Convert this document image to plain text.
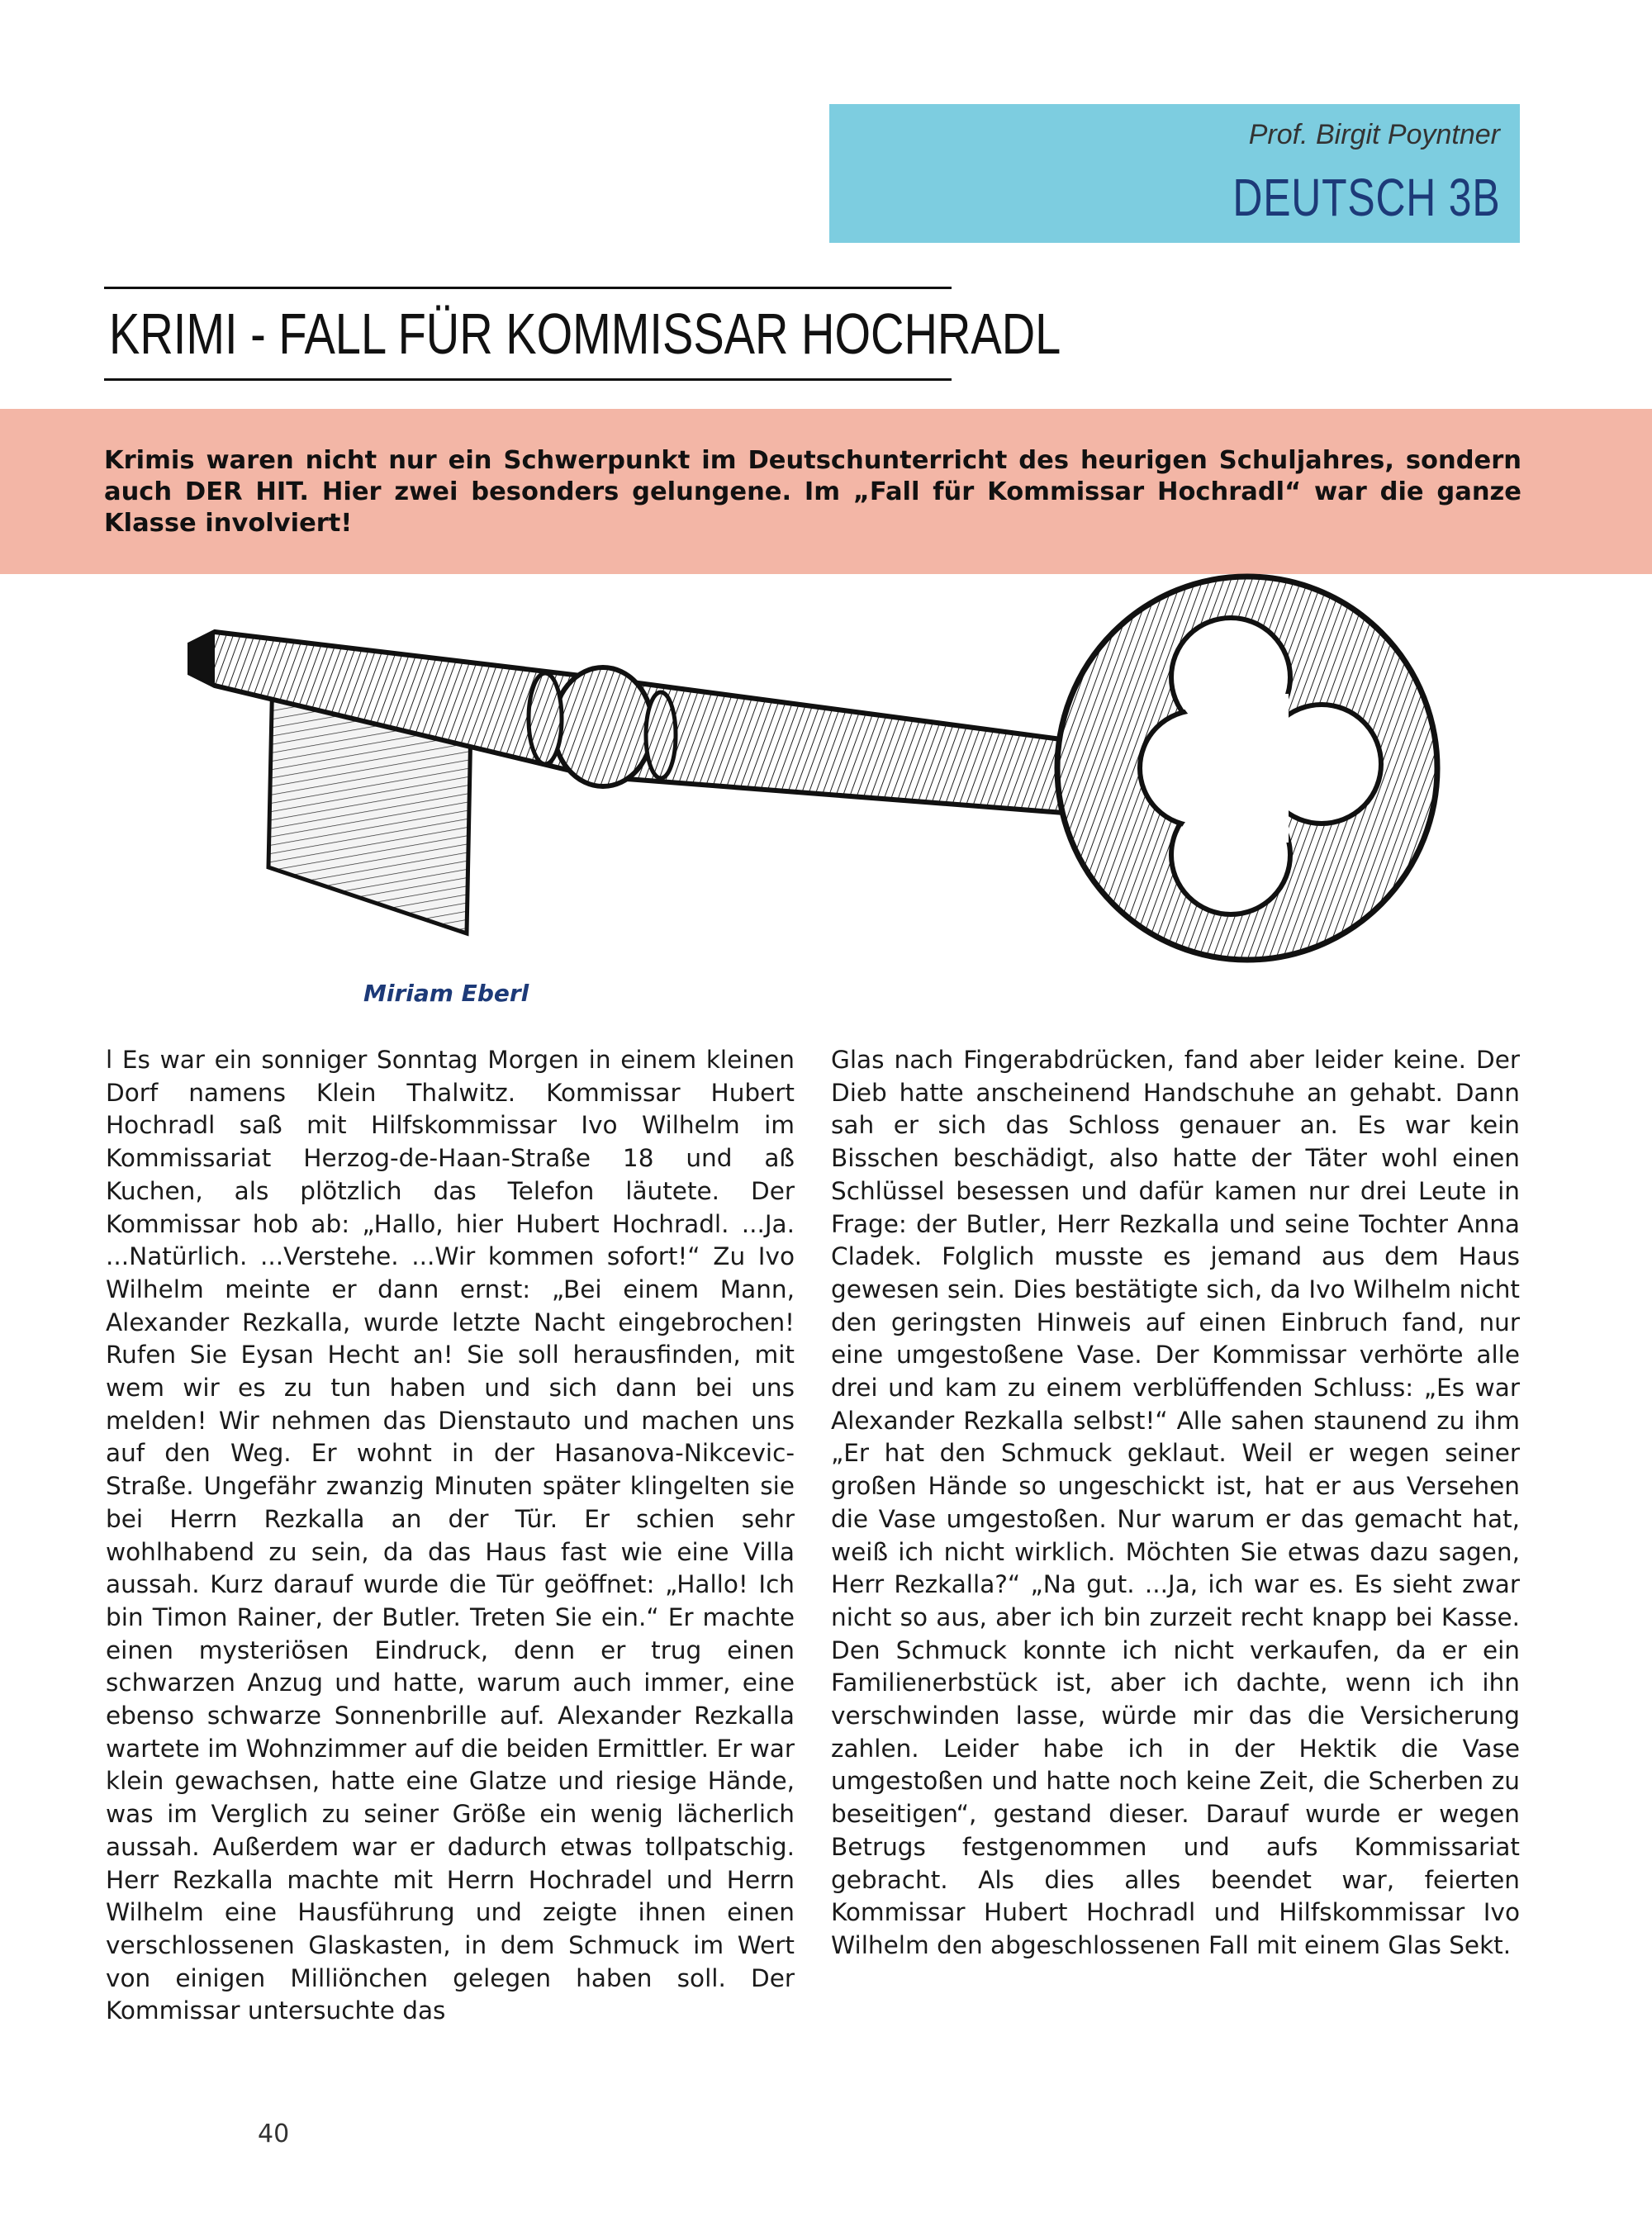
Prof. Birgit Poyntner
DEUTSCH 3B
KRIMI - FALL FÜR KOMMISSAR HOCHRADL
Krimis waren nicht nur ein Schwerpunkt im Deutschunterricht des heurigen Schuljahres, sondern auch DER HIT. Hier zwei besonders gelungene. Im „Fall für Kommissar Hochradl“ war die ganze Klasse involviert!
Miriam Eberl
l Es war ein sonniger Sonntag Morgen in einem kleinen Dorf namens Klein Thalwitz. Kommissar Hubert Hochradl saß mit Hilfskommissar Ivo Wilhelm im Kommissariat Herzog-de-Haan-Straße 18 und aß Kuchen, als plötzlich das Telefon läutete. Der Kommissar hob ab: „Hallo, hier Hubert Hochradl. ...Ja. ...Natürlich. ...Verstehe. ...Wir kommen sofort!“ Zu Ivo Wilhelm meinte er dann ernst: „Bei einem Mann, Alexander Rezkalla, wurde letzte Nacht eingebrochen! Rufen Sie Eysan Hecht an! Sie soll herausfinden, mit wem wir es zu tun haben und sich dann bei uns melden! Wir nehmen das Dienstauto und machen uns auf den Weg. Er wohnt in der Hasanova-Nikcevic-Straße. Ungefähr zwanzig Minuten später klingelten sie bei Herrn Rezkalla an der Tür. Er schien sehr wohlhabend zu sein, da das Haus fast wie eine Villa aussah. Kurz darauf wurde die Tür geöffnet: „Hallo! Ich bin Timon Rainer, der Butler. Treten Sie ein.“ Er machte einen mysteriösen Eindruck, denn er trug einen schwarzen Anzug und hatte, warum auch immer, eine ebenso schwarze Sonnenbrille auf. Alexander Rezkalla wartete im Wohnzimmer auf die beiden Ermittler. Er war klein gewachsen, hatte eine Glatze und riesige Hände, was im Verglich zu seiner Größe ein wenig lächerlich aussah. Außerdem war er dadurch etwas tollpatschig. Herr Rezkalla machte mit Herrn Hochradel und Herrn Wilhelm eine Hausführung und zeigte ihnen einen verschlossenen Glaskasten, in dem Schmuck im Wert von einigen Milliönchen gelegen haben soll. Der Kommissar untersuchte das
Glas nach Fingerabdrücken, fand aber leider keine. Der Dieb hatte anscheinend Handschuhe an gehabt. Dann sah er sich das Schloss genauer an. Es war kein Bisschen beschädigt, also hatte der Täter wohl einen Schlüssel besessen und dafür kamen nur drei Leute in Frage: der Butler, Herr Rezkalla und seine Tochter Anna Cladek. Folglich musste es jemand aus dem Haus gewesen sein. Dies bestätigte sich, da Ivo Wilhelm nicht den geringsten Hinweis auf einen Einbruch fand, nur eine umgestoßene Vase. Der Kommissar verhörte alle drei und kam zu einem verblüffenden Schluss: „Es war Alexander Rezkalla selbst!“ Alle sahen staunend zu ihm „Er hat den Schmuck geklaut. Weil er wegen seiner großen Hände so ungeschickt ist, hat er aus Versehen die Vase umgestoßen. Nur warum er das gemacht hat, weiß ich nicht wirklich. Möchten Sie etwas dazu sagen, Herr Rezkalla?“ „Na gut. ...Ja, ich war es. Es sieht zwar nicht so aus, aber ich bin zurzeit recht knapp bei Kasse. Den Schmuck konnte ich nicht verkaufen, da er ein Familienerbstück ist, aber ich dachte, wenn ich ihn verschwinden lasse, würde mir das die Versicherung zahlen. Leider habe ich in der Hektik die Vase umgestoßen und hatte noch keine Zeit, die Scherben zu beseitigen“, gestand dieser. Darauf wurde er wegen Betrugs festgenommen und aufs Kommissariat gebracht. Als dies alles beendet war, feierten Kommissar Hubert Hochradl und Hilfskommissar Ivo Wilhelm den abgeschlossenen Fall mit einem Glas Sekt.
40
